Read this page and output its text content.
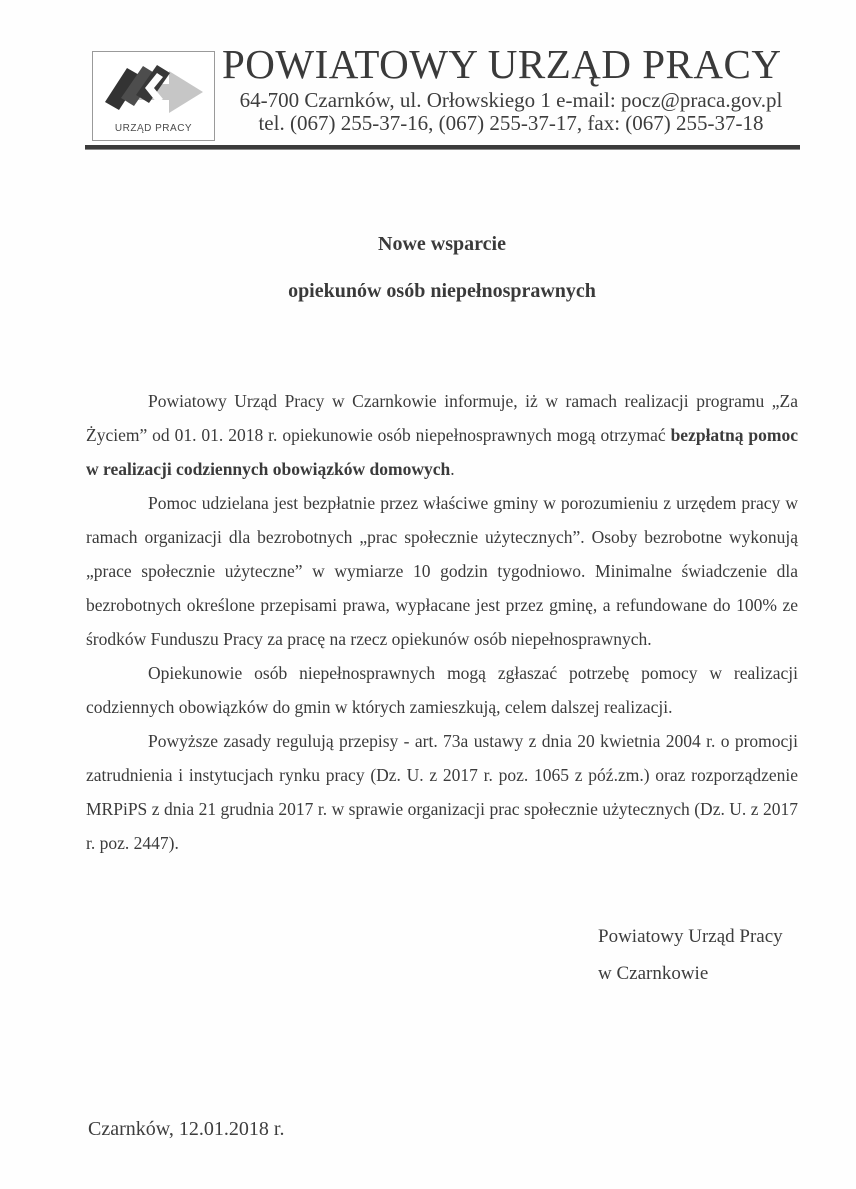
URZĄD PRACY
POWIATOWY URZĄD PRACY
64-700 Czarnków, ul. Orłowskiego 1 e-mail: pocz@praca.gov.pl
tel. (067) 255-37-16, (067) 255-37-17, fax: (067) 255-37-18
Nowe wsparcie
opiekunów osób niepełnosprawnych

Powiatowy Urząd Pracy w Czarnkowie informuje, iż w ramach realizacji programu „Za Życiem” od 01. 01. 2018 r. opiekunowie osób niepełnosprawnych mogą otrzymać bezpłatną pomoc w realizacji codziennych obowiązków domowych.

Pomoc udzielana jest bezpłatnie przez właściwe gminy w porozumieniu z urzędem pracy w ramach organizacji dla bezrobotnych „prac społecznie użytecznych”. Osoby bezrobotne wykonują „prace społecznie użyteczne” w wymiarze 10 godzin tygodniowo. Minimalne świadczenie dla bezrobotnych określone przepisami prawa, wypłacane jest przez gminę, a refundowane do 100% ze środków Funduszu Pracy za pracę na rzecz opiekunów osób niepełnosprawnych.

Opiekunowie osób niepełnosprawnych mogą zgłaszać potrzebę pomocy w realizacji codziennych obowiązków do gmin w których zamieszkują, celem dalszej realizacji.

Powyższe zasady regulują przepisy - art. 73a ustawy z dnia 20 kwietnia 2004 r. o promocji zatrudnienia i instytucjach rynku pracy (Dz. U. z 2017 r. poz. 1065 z póź.zm.) oraz rozporządzenie MRPiPS z dnia 21 grudnia 2017 r. w sprawie organizacji prac społecznie użytecznych (Dz. U. z 2017 r. poz. 2447).

Powiatowy Urząd Pracy
w Czarnkowie
Czarnków, 12.01.2018 r.
